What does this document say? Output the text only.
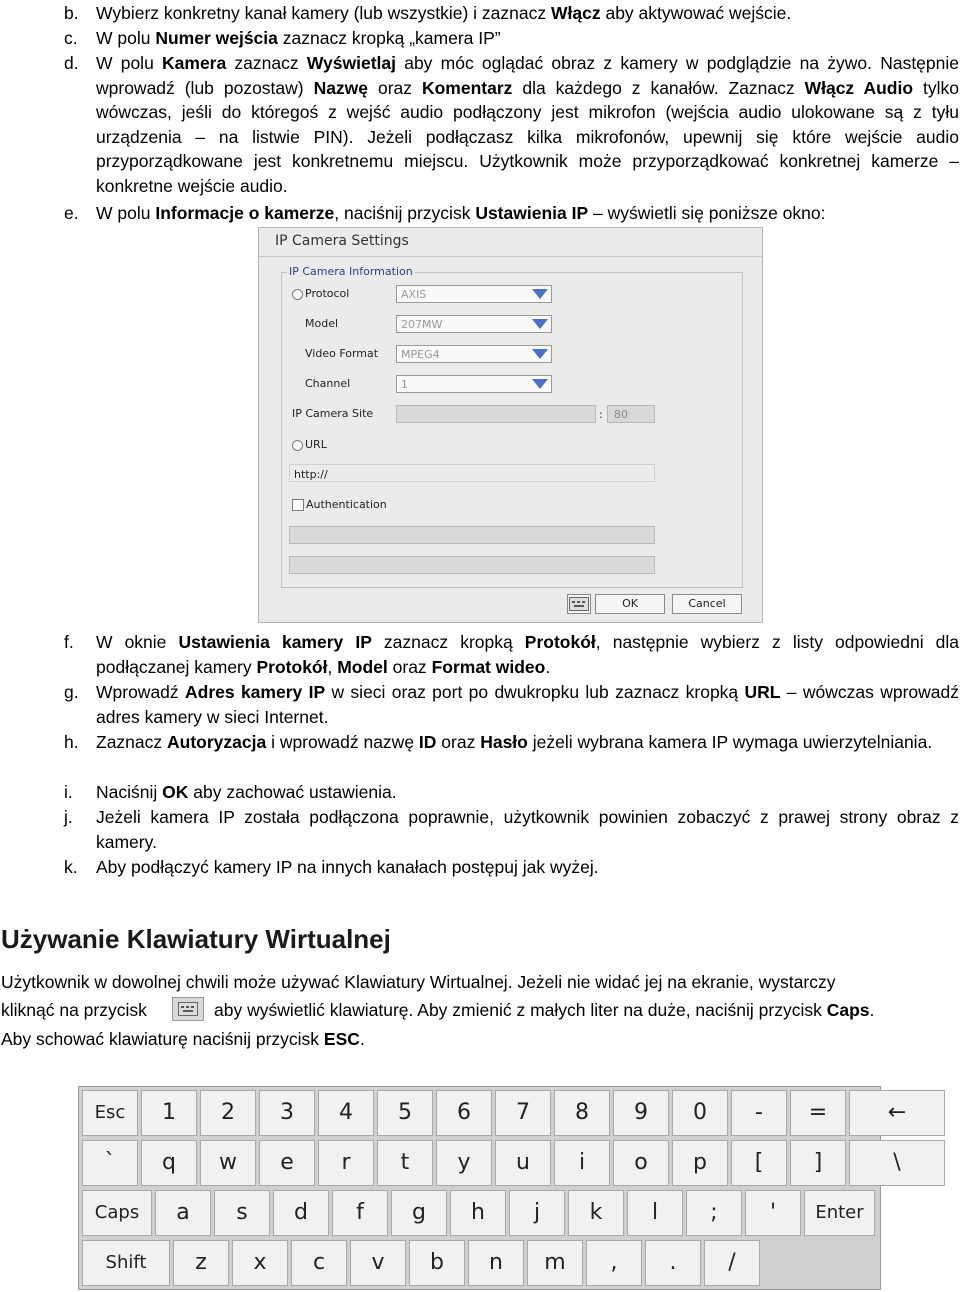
b. Wybierz konkretny kanał kamery (lub wszystkie) i zaznacz Włącz aby aktywować wejście.
c. W polu Numer wejścia zaznacz kropką „kamera IP”
d. W polu Kamera zaznacz Wyświetlaj aby móc oglądać obraz z kamery w podglądzie na żywo. Następnie wprowadź (lub pozostaw) Nazwę oraz Komentarz dla każdego z kanałów. Zaznacz Włącz Audio tylko wówczas, jeśli do któregoś z wejść audio podłączony jest mikrofon (wejścia audio ulokowane są z tyłu urządzenia – na listwie PIN). Jeżeli podłączasz kilka mikrofonów, upewnij się które wejście audio przyporządkowane jest konkretnemu miejscu. Użytkownik może przyporządkować konkretnej kamerze – konkretne wejście audio.
e. W polu Informacje o kamerze, naciśnij przycisk Ustawienia IP – wyświetli się poniższe okno:
f. W oknie Ustawienia kamery IP zaznacz kropką Protokół, następnie wybierz z listy odpowiedni dla podłączanej kamery Protokół, Model oraz Format wideo.
g. Wprowadź Adres kamery IP w sieci oraz port po dwukropku lub zaznacz kropką URL – wówczas wprowadź adres kamery w sieci Internet.
h. Zaznacz Autoryzacja i wprowadź nazwę ID oraz Hasło jeżeli wybrana kamera IP wymaga uwierzytelniania.
i. Naciśnij OK aby zachować ustawienia.
j. Jeżeli kamera IP została podłączona poprawnie, użytkownik powinien zobaczyć z prawej strony obraz z kamery.
k. Aby podłączyć kamery IP na innych kanałach postępuj jak wyżej.
IP Camera Settings
IP Camera Information
Protocol	AXIS
Model	207MW
Video Format MPEG4
Channel	1
IP Camera Site	: 80
URL
http://
Authentication
OK	Cancel
Używanie Klawiatury Wirtualnej
Użytkownik w dowolnej chwili może używać Klawiatury Wirtualnej. Jeżeli nie widać jej na ekranie, wystarczy
kliknąć na przycisk	aby wyświetlić klawiaturę. Aby zmienić z małych liter na duże, naciśnij przycisk Caps.
Aby schować klawiaturę naciśnij przycisk ESC.
Esc	1	2	3	4	5	6	7	8	9	0	-	=	←
`	q	w	e	r	t	y	u	i	o	p	[	]	\
Caps	a	s	d	f	g	h	j	k	l	;	'	Enter
Shift	z	x	c	v	b	n	m	,	.	/
